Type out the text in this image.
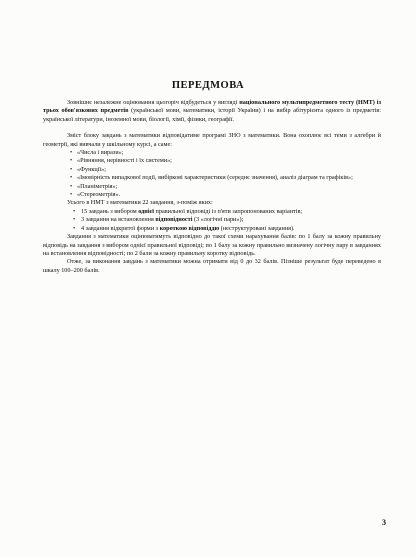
ПЕРЕДМОВА

Зовнішнє незалежне оцінювання цьогоріч відбудеться у вигляді національного мультипредметного тесту (НМТ) із трьох обов'язкових предметів (української мови, математики, історії України) і на вибір абітурієнта одного із предметів: української літератури, іноземної мови, біології, хімії, фізики, географії.

Зміст блоку завдань з математики відповідатиме програмі ЗНО з математики. Вона охоплює всі теми з алгебри й геометрії, які вивчали у шкільному курсі, а саме:

• «Числа і вирази»;
• «Рівняння, нерівності і їх системи»;
• «Функції»;
• «Імовірність випадкової події, вибіркові характеристики (середнє значення), аналіз діаграм та графіків»;
• «Планіметрія»;
• «Стереометрія».

Усього в НМТ з математики 22 завдання, з-поміж яких:

• 15 завдань з вибором однієї правильної відповіді із п'яти запропонованих варіантів;
• 3 завдання на встановлення відповідності (3 «логічні пари»);
• 4 завдання відкритої форми з короткою відповіддю (неструктуровані завдання).

Завдання з математики оцінюватимуть відповідно до такої схеми нарахування балів: по 1 балу за кожну правильну відповідь на завдання з вибором однієї правильної відповіді; по 1 балу за кожну правильно визначену логічну пару в завданнях на встановлення відповідності; по 2 бали за кожну правильну коротку відповідь.

Отже, за виконання завдань з математики можна отримати від 0 до 32 балів. Пізніше результат буде переведено в шкалу 100–200 балів.

3
